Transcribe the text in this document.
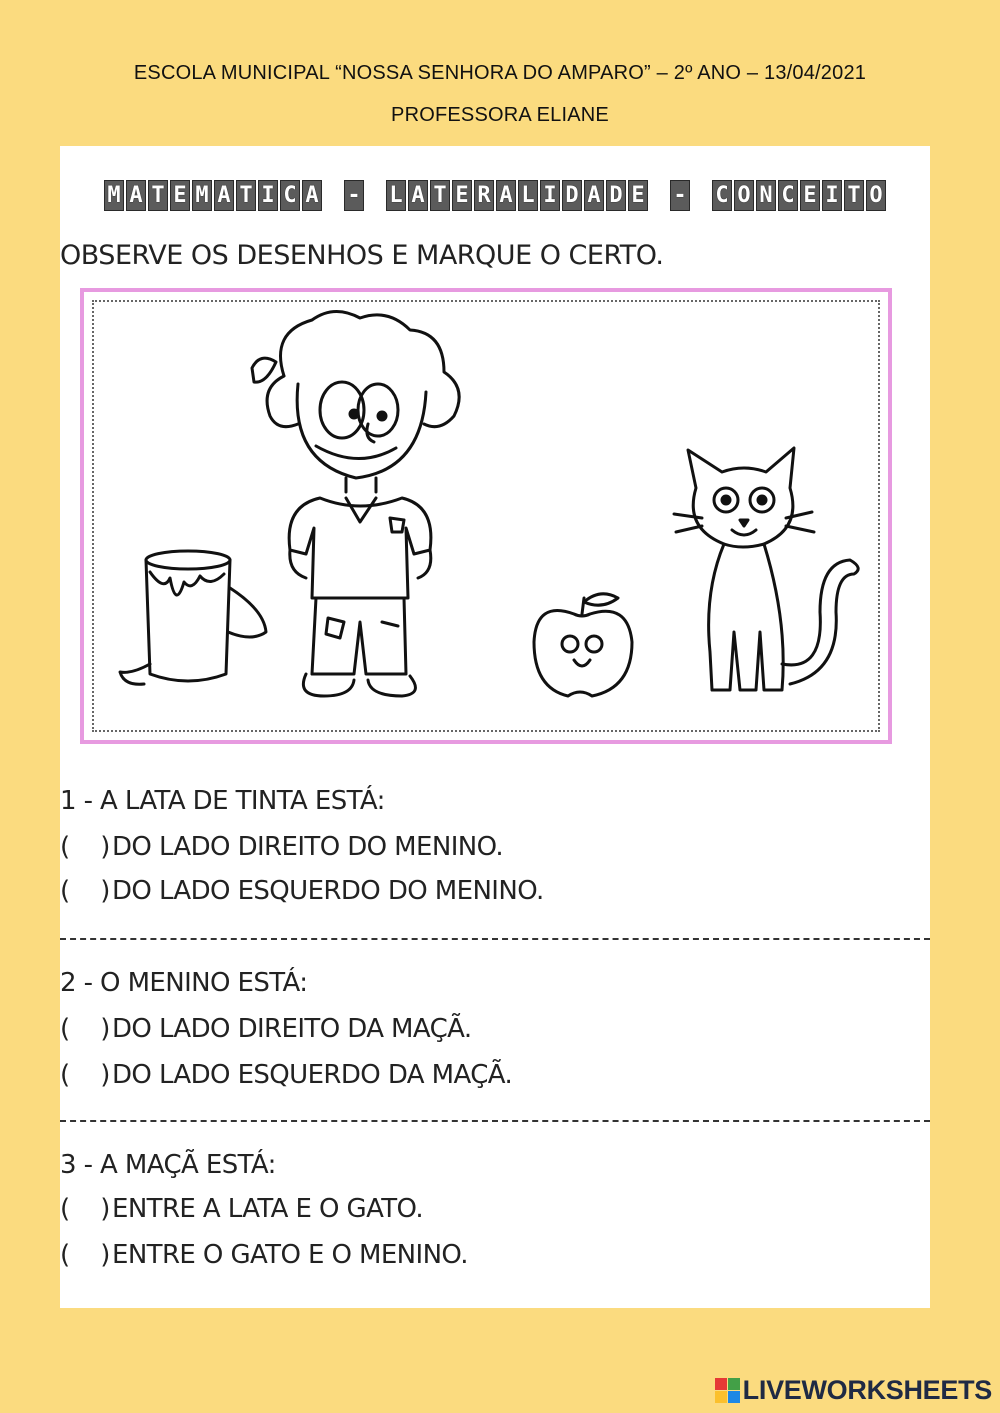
ESCOLA MUNICIPAL “NOSSA SENHORA DO AMPARO” – 2º ANO – 13/04/2021
PROFESSORA ELIANE
M A T E M A T I C A - L A T E R A L I D A D E - C O N C E I T O
OBSERVE OS DESENHOS E MARQUE O CERTO.
1 - A LATA DE TINTA ESTÁ:
(    ) DO LADO DIREITO DO MENINO.
(    ) DO LADO ESQUERDO DO MENINO.
2 - O MENINO ESTÁ:
(    ) DO LADO DIREITO DA MAÇÃ.
(    ) DO LADO ESQUERDO DA MAÇÃ.
3 - A MAÇÃ ESTÁ:
(    ) ENTRE A LATA E O GATO.
(    ) ENTRE O GATO E O MENINO.
LIVEWORKSHEETS
